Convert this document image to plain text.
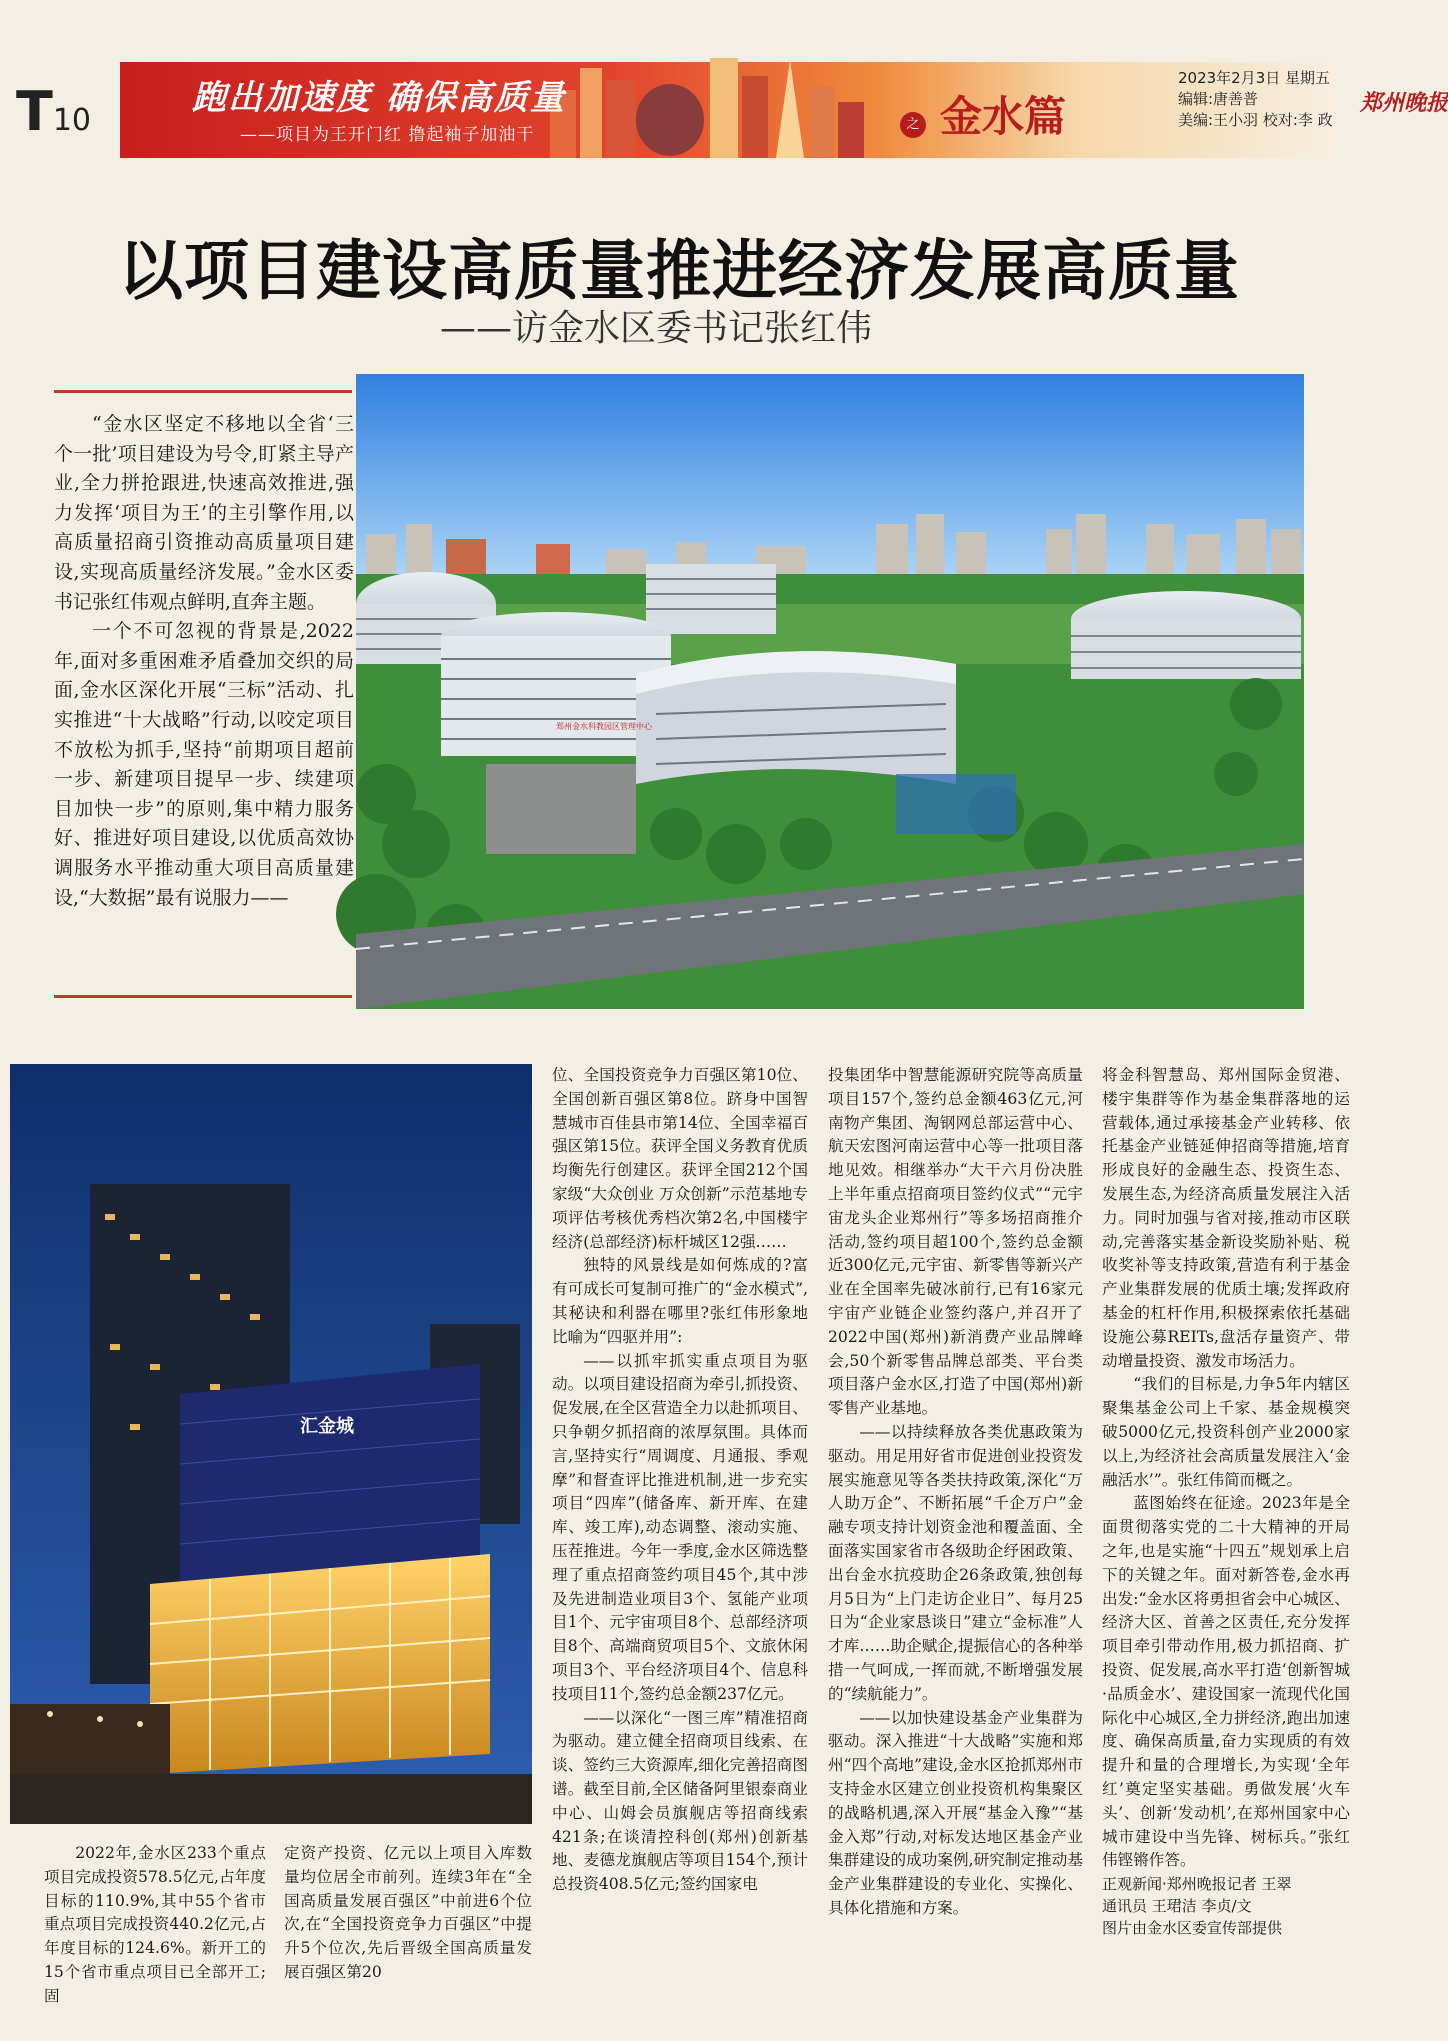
T10
跑出加速度 确保高质量
——项目为王开门红 撸起袖子加油干
之 金水篇
2023年2月3日 星期五
编辑:唐善普
美编:王小羽 校对:李 政
郑州晚报
以项目建设高质量推进经济发展高质量
——访金水区委书记张红伟

“金水区坚定不移地以全省‘三个一批’项目建设为号令,盯紧主导产业,全力拼抢跟进,快速高效推进,强力发挥‘项目为王’的主引擎作用,以高质量招商引资推动高质量项目建设,实现高质量经济发展。”金水区委书记张红伟观点鲜明,直奔主题。

一个不可忽视的背景是,2022年,面对多重困难矛盾叠加交织的局面,金水区深化开展“三标”活动、扎实推进“十大战略”行动,以咬定项目不放松为抓手,坚持“前期项目超前一步、新建项目提早一步、续建项目加快一步”的原则,集中精力服务好、推进好项目建设,以优质高效协调服务水平推动重大项目高质量建设,“大数据”最有说服力——

郑州金水科教园区管理中心
汇金城

2022年,金水区233个重点项目完成投资578.5亿元,占年度目标的110.9%,其中55个省市重点项目完成投资440.2亿元,占年度目标的124.6%。新开工的15个省市重点项目已全部开工;固

定资产投资、亿元以上项目入库数量均位居全市前列。连续3年在“全国高质量发展百强区”中前进6个位次,在“全国投资竞争力百强区”中提升5个位次,先后晋级全国高质量发展百强区第20

位、全国投资竞争力百强区第10位、全国创新百强区第8位。跻身中国智慧城市百佳县市第14位、全国幸福百强区第15位。获评全国义务教育优质均衡先行创建区。获评全国212个国家级“大众创业 万众创新”示范基地专项评估考核优秀档次第2名,中国楼宇经济(总部经济)标杆城区12强……

独特的风景线是如何炼成的?富有可成长可复制可推广的“金水模式”,其秘诀和利器在哪里?张红伟形象地比喻为“四驱并用”:

——以抓牢抓实重点项目为驱动。以项目建设招商为牵引,抓投资、促发展,在全区营造全力以赴抓项目、只争朝夕抓招商的浓厚氛围。具体而言,坚持实行“周调度、月通报、季观摩”和督查评比推进机制,进一步充实项目“四库”(储备库、新开库、在建库、竣工库),动态调整、滚动实施、压茬推进。今年一季度,金水区筛选整理了重点招商签约项目45个,其中涉及先进制造业项目3个、氢能产业项目1个、元宇宙项目8个、总部经济项目8个、高端商贸项目5个、文旅休闲项目3个、平台经济项目4个、信息科技项目11个,签约总金额237亿元。

——以深化“一图三库”精准招商为驱动。建立健全招商项目线索、在谈、签约三大资源库,细化完善招商图谱。截至目前,全区储备阿里银泰商业中心、山姆会员旗舰店等招商线索421条;在谈清控科创(郑州)创新基地、麦德龙旗舰店等项目154个,预计总投资408.5亿元;签约国家电

投集团华中智慧能源研究院等高质量项目157个,签约总金额463亿元,河南物产集团、淘钢网总部运营中心、航天宏图河南运营中心等一批项目落地见效。相继举办“大干六月份决胜上半年重点招商项目签约仪式”“元宇宙龙头企业郑州行”等多场招商推介活动,签约项目超100个,签约总金额近300亿元,元宇宙、新零售等新兴产业在全国率先破冰前行,已有16家元宇宙产业链企业签约落户,并召开了2022中国(郑州)新消费产业品牌峰会,50个新零售品牌总部类、平台类项目落户金水区,打造了中国(郑州)新零售产业基地。

——以持续释放各类优惠政策为驱动。用足用好省市促进创业投资发展实施意见等各类扶持政策,深化“万人助万企”、不断拓展“千企万户”金融专项支持计划资金池和覆盖面、全面落实国家省市各级助企纾困政策、出台金水抗疫助企26条政策,独创每月5日为“上门走访企业日”、每月25日为“企业家恳谈日”建立“金标准”人才库……助企赋企,提振信心的各种举措一气呵成,一挥而就,不断增强发展的“续航能力”。

——以加快建设基金产业集群为驱动。深入推进“十大战略”实施和郑州“四个高地”建设,金水区抢抓郑州市支持金水区建立创业投资机构集聚区的战略机遇,深入开展“基金入豫”“基金入郑”行动,对标发达地区基金产业集群建设的成功案例,研究制定推动基金产业集群建设的专业化、实操化、具体化措施和方案。

将金科智慧岛、郑州国际金贸港、楼宇集群等作为基金集群落地的运营载体,通过承接基金产业转移、依托基金产业链延伸招商等措施,培育形成良好的金融生态、投资生态、发展生态,为经济高质量发展注入活力。同时加强与省对接,推动市区联动,完善落实基金新设奖励补贴、税收奖补等支持政策,营造有利于基金产业集群发展的优质土壤;发挥政府基金的杠杆作用,积极探索依托基础设施公募REITs,盘活存量资产、带动增量投资、激发市场活力。

“我们的目标是,力争5年内辖区聚集基金公司上千家、基金规模突破5000亿元,投资科创产业2000家以上,为经济社会高质量发展注入‘金融活水’”。张红伟简而概之。

蓝图始终在征途。2023年是全面贯彻落实党的二十大精神的开局之年,也是实施“十四五”规划承上启下的关键之年。面对新答卷,金水再出发:“金水区将勇担省会中心城区、经济大区、首善之区责任,充分发挥项目牵引带动作用,极力抓招商、扩投资、促发展,高水平打造‘创新智城·品质金水’、建设国家一流现代化国际化中心城区,全力拼经济,跑出加速度、确保高质量,奋力实现质的有效提升和量的合理增长,为实现‘全年红’奠定坚实基础。勇做发展‘火车头’、创新‘发动机’,在郑州国家中心城市建设中当先锋、树标兵。”张红伟铿锵作答。

正观新闻·郑州晚报记者 王翠
通讯员 王珺洁 李贞/文
图片由金水区委宣传部提供
